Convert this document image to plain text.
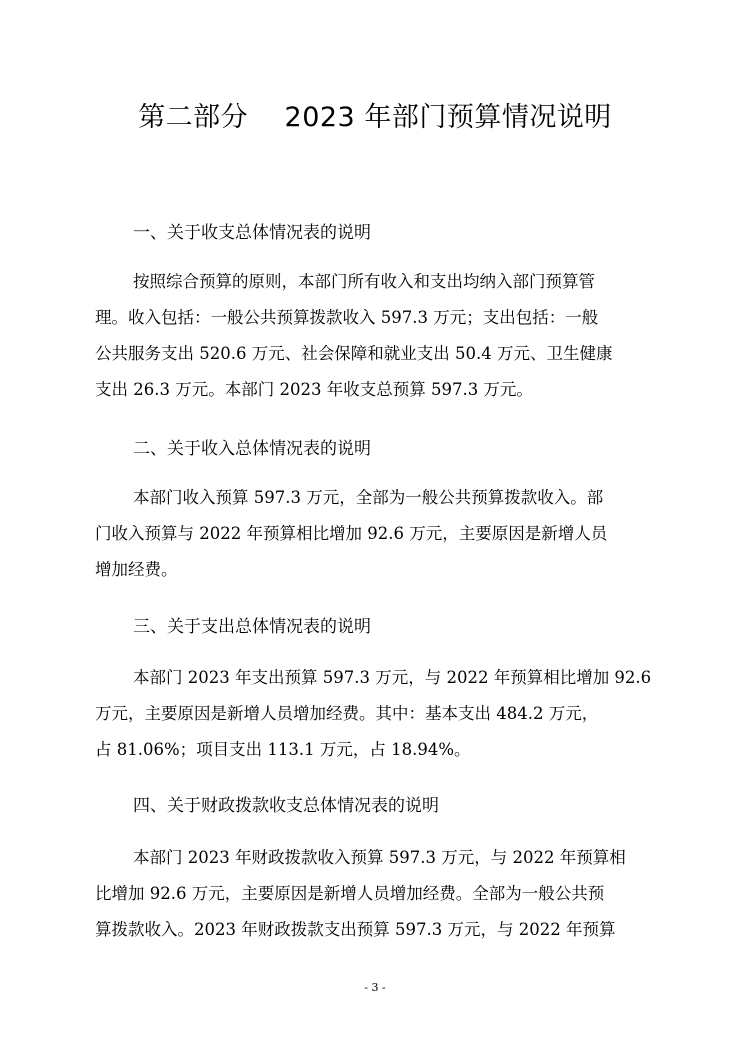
第二部分    2023 年部门预算情况说明
一、关于收支总体情况表的说明
按照综合预算的原则，本部门所有收入和支出均纳入部门预算管
理。收入包括：一般公共预算拨款收入 597.3 万元；支出包括：一般
公共服务支出 520.6 万元、社会保障和就业支出 50.4 万元、卫生健康
支出 26.3 万元。本部门 2023 年收支总预算 597.3 万元。
二、关于收入总体情况表的说明
本部门收入预算 597.3 万元，全部为一般公共预算拨款收入。部
门收入预算与 2022 年预算相比增加 92.6 万元，主要原因是新增人员
增加经费。
三、关于支出总体情况表的说明
本部门 2023 年支出预算 597.3 万元，与 2022 年预算相比增加 92.6
万元，主要原因是新增人员增加经费。其中：基本支出 484.2 万元，
占 81.06%；项目支出 113.1 万元，占 18.94%。
四、关于财政拨款收支总体情况表的说明
本部门 2023 年财政拨款收入预算 597.3 万元，与 2022 年预算相
比增加 92.6 万元，主要原因是新增人员增加经费。全部为一般公共预
算拨款收入。2023 年财政拨款支出预算 597.3 万元，与 2022 年预算
- 3 -
